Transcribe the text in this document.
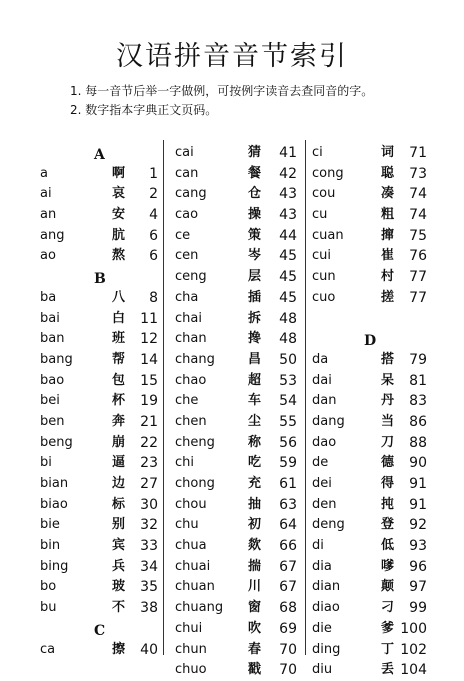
汉语拼音音节索引
1. 每一音节后举一字做例，可按例字读音去查同音的字。
2. 数字指本字典正文页码。
A
a	啊 1
ai	哀 2
an	安 4
ang	肮 6
ao	熬 6
B
ba	八 8
bai	白 11
ban	班 12
bang	帮 14
bao	包 15
bei	杯 19
ben	奔 21
beng	崩 22
bi	逼 23
bian	边 27
biao	标 30
bie	别 32
bin	宾 33
bing	兵 34
bo	玻 35
bu	不 38
C
ca	擦 40
cai	猜 41
can	餐 42
cang	仓 43
cao	操 43
ce	策 44
cen	岑 45
ceng	层 45
cha	插 45
chai	拆 48
chan	搀 48
chang	昌 50
chao	超 53
che	车 54
chen	尘 55
cheng	称 56
chi	吃 59
chong	充 61
chou	抽 63
chu	初 64
chua	欻 66
chuai	揣 67
chuan	川 67
chuang 窗 68
chui	吹 69
chun	春 70
chuo	戳 70
ci	词 71
cong	聪 73
cou	凑 74
cu	粗 74
cuan	撺 75
cui	崔 76
cun	村 77
cuo	搓 77
D
da	搭 79
dai	呆 81
dan	丹 83
dang	当 86
dao	刀 88
de	德 90
dei	得 91
den	扽 91
deng	登 92
di	低 93
dia	嗲 96
dian	颠 97
diao	刁 99
die	爹 100
ding	丁 102
diu	丢 104
